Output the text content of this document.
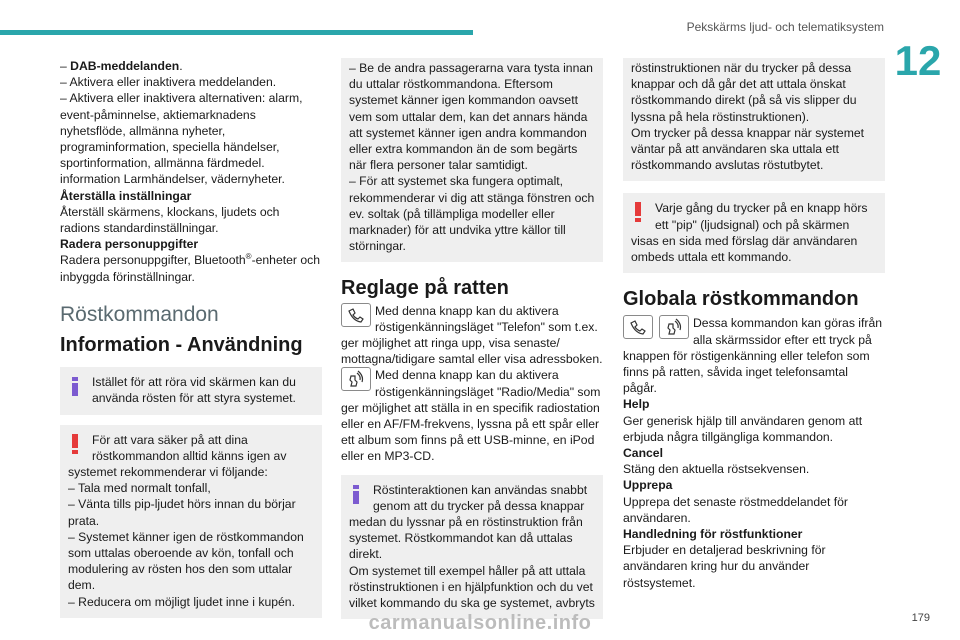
Pekskärms ljud- och telematiksystem
12

– DAB-meddelanden.

– Aktivera eller inaktivera meddelanden.

– Aktivera eller inaktivera alternativen: alarm, event-påminnelse, aktiemarknadens nyhetsflöde, allmänna nyheter, programinformation, speciella händelser, sportinformation, allmänna färdmedel. information Larmhändelser, vädernyheter.

Återställa inställningar

Återställ skärmens, klockans, ljudets och radions standardinställningar.

Radera personuppgifter

Radera personuppgifter, Bluetooth®-enheter och inbyggda förinställningar.

Röstkommandon
Information - Användning

Istället för att röra vid skärmen kan du använda rösten för att styra systemet.

För att vara säker på att dina röstkommandon alltid känns igen av

systemet rekommenderar vi följande:

– Tala med normalt tonfall,

– Vänta tills pip-ljudet hörs innan du börjar prata.

– Systemet känner igen de röstkommandon som uttalas oberoende av kön, tonfall och modulering av rösten hos den som uttalar dem.

– Reducera om möjligt ljudet inne i kupén.

– Be de andra passagerarna vara tysta innan du uttalar röstkommandona. Eftersom systemet känner igen kommandon oavsett vem som uttalar dem, kan det annars hända att systemet känner igen andra kommandon eller extra kommandon än de som begärts när flera personer talar samtidigt.

– För att systemet ska fungera optimalt, rekommenderar vi dig att stänga fönstren och ev. soltak (på tillämpliga modeller eller marknader) för att undvika yttre källor till störningar.

Reglage på ratten

Med denna knapp kan du aktivera röstigenkänningsläget "Telefon" som t.ex. ger möjlighet att ringa upp, visa senaste/ mottagna/tidigare samtal eller visa adressboken.

Med denna knapp kan du aktivera röstigenkänningsläget "Radio/Media" som ger möjlighet att ställa in en specifik radiostation eller en AF/FM-frekvens, lyssna på ett spår eller ett album som finns på ett USB-minne, en iPod eller en MP3-CD.

Röstinteraktionen kan användas snabbt genom att du trycker på dessa knappar

medan du lyssnar på en röstinstruktion från systemet. Röstkommandot kan då uttalas direkt.

Om systemet till exempel håller på att uttala röstinstruktionen i en hjälpfunktion och du vet vilket kommando du ska ge systemet, avbryts

röstinstruktionen när du trycker på dessa knappar och då går det att uttala önskat röstkommando direkt (på så vis slipper du lyssna på hela röstinstruktionen).

Om trycker på dessa knappar när systemet väntar på att användaren ska uttala ett röstkommando avslutas röstutbytet.

Varje gång du trycker på en knapp hörs ett "pip" (ljudsignal) och på skärmen

visas en sida med förslag där användaren ombeds uttala ett kommando.

Globala röstkommandon

Dessa kommandon kan göras ifrån alla skärmssidor efter ett tryck på knappen för röstigenkänning eller telefon som finns på ratten, såvida inget telefonsamtal pågår.

Help

Ger generisk hjälp till användaren genom att erbjuda några tillgängliga kommandon.

Cancel

Stäng den aktuella röstsekvensen.

Upprepa

Upprepa det senaste röstmeddelandet för användaren.

Handledning för röstfunktioner

Erbjuder en detaljerad beskrivning för användaren kring hur du använder röstsystemet.

carmanualsonline.info	179
